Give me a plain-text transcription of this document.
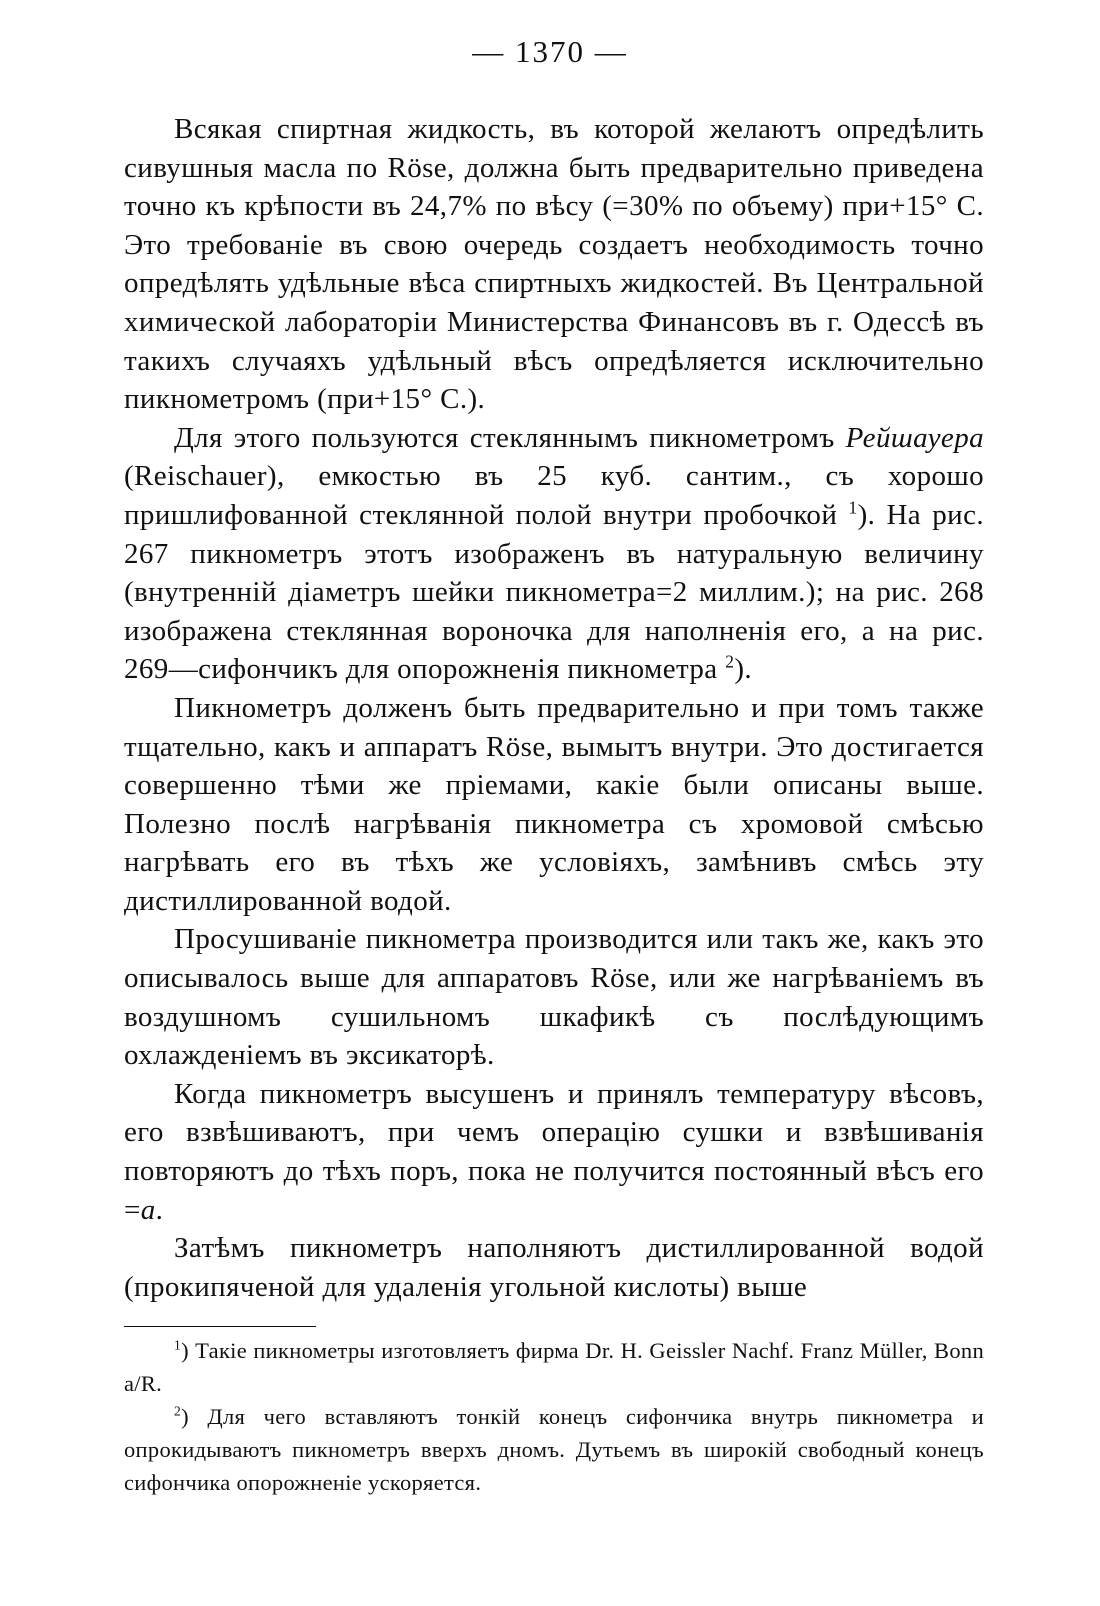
— 1370 —

Всякая спиртная жидкость, въ которой желаютъ опредѣлить сивушныя масла по Röse, должна быть предварительно приведена точно къ крѣпости въ 24,7% по вѣсу (=30% по объему) при+15° С. Это требованіе въ свою очередь создаетъ необходимость точно опредѣлять удѣльные вѣса спиртныхъ жидкостей. Въ Центральной химической лабораторіи Министерства Финансовъ въ г. Одессѣ въ такихъ случаяхъ удѣльный вѣсъ опредѣляется исключительно пикнометромъ (при+15° С.).

Для этого пользуются стекляннымъ пикнометромъ Рейшауера (Reischauer), емкостью въ 25 куб. сантим., съ хорошо пришлифованной стеклянной полой внутри пробочкой $^1$). На рис. 267 пикнометръ этотъ изображенъ въ натуральную величину (внутренній діаметръ шейки пикнометра=2 миллим.); на рис. 268 изображена стеклянная вороночка для наполненія его, а на рис. 269—сифончикъ для опорожненія пикнометра $^2$).

Пикнометръ долженъ быть предварительно и при томъ также тщательно, какъ и аппаратъ Röse, вымытъ внутри. Это достигается совершенно тѣми же пріемами, какіе были описаны выше. Полезно послѣ нагрѣванія пикнометра съ хромовой смѣсью нагрѣвать его въ тѣхъ же условіяхъ, замѣнивъ смѣсь эту дистиллированной водой.

Просушиваніе пикнометра производится или такъ же, какъ это описывалось выше для аппаратовъ Röse, или же нагрѣваніемъ въ воздушномъ сушильномъ шкафикѣ съ послѣдующимъ охлажденіемъ въ эксикаторѣ.

Когда пикнометръ высушенъ и принялъ температуру вѣсовъ, его взвѣшиваютъ, при чемъ операцію сушки и взвѣшиванія повторяютъ до тѣхъ поръ, пока не получится постоянный вѣсъ его =a.

Затѣмъ пикнометръ наполняютъ дистиллированной водой (прокипяченой для удаленія угольной кислоты) выше

$^1$) Такіе пикнометры изготовляетъ фирма Dr. H. Geissler Nachf. Franz Müller, Bonn a/R.

$^2$) Для чего вставляютъ тонкій конецъ сифончика внутрь пикнометра и опрокидываютъ пикнометръ вверхъ дномъ. Дутьемъ въ широкій свободный конецъ сифончика опорожненіе ускоряется.
